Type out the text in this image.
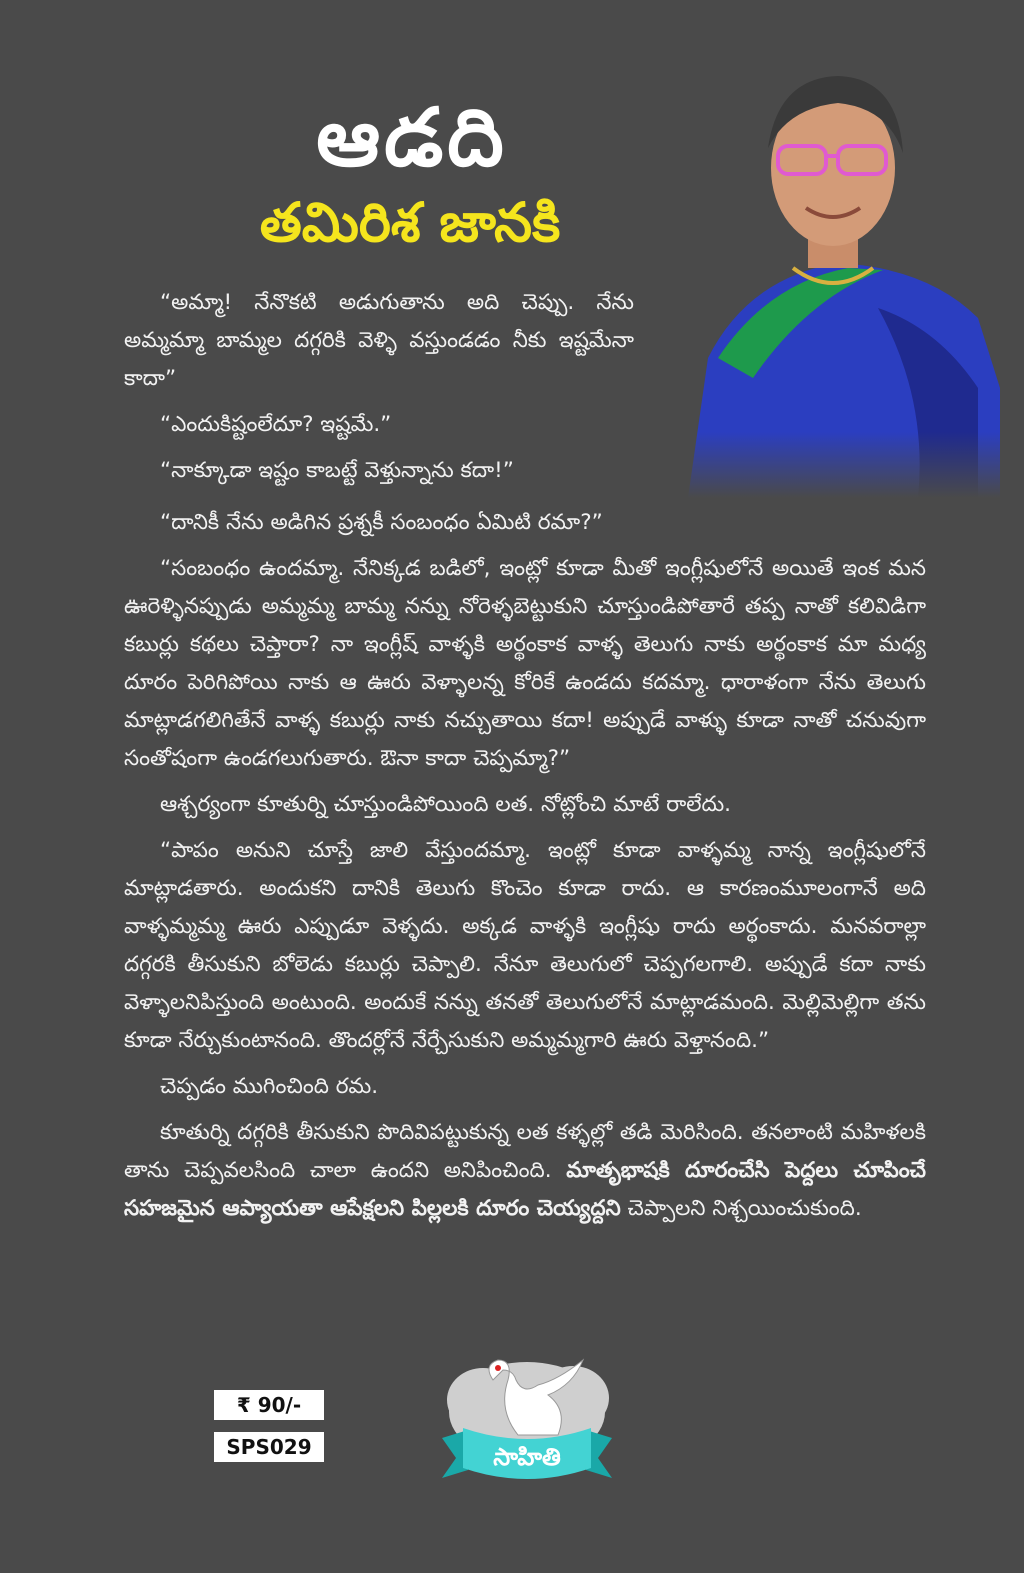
ఆడది
తమిరిశ జానకి

“అమ్మా! నేనొకటి అడుగుతాను అది చెప్పు. నేను అమ్మమ్మా బామ్మల దగ్గరికి వెళ్ళి వస్తుండడం నీకు ఇష్టమేనా కాదా”

“ఎందుకిష్టంలేదూ? ఇష్టమే.”

“నాక్కూడా ఇష్టం కాబట్టే వెళ్తున్నాను కదా!”

“దానికీ నేను అడిగిన ప్రశ్నకీ సంబంధం ఏమిటి రమా?”

“సంబంధం ఉందమ్మా. నేనిక్కడ బడిలో, ఇంట్లో కూడా మీతో ఇంగ్లీషులోనే అయితే ఇంక మన ఊరెళ్ళినప్పుడు అమ్మమ్మ బామ్మ నన్ను నోరెళ్ళబెట్టుకుని చూస్తుండిపోతారే తప్ప నాతో కలివిడిగా కబుర్లు కథలు చెప్తారా? నా ఇంగ్లీష్ వాళ్ళకి అర్థంకాక వాళ్ళ తెలుగు నాకు అర్థంకాక మా మధ్య దూరం పెరిగిపోయి నాకు ఆ ఊరు వెళ్ళాలన్న కోరికే ఉండదు కదమ్మా. ధారాళంగా నేను తెలుగు మాట్లాడగలిగితేనే వాళ్ళ కబుర్లు నాకు నచ్చుతాయి కదా! అప్పుడే వాళ్ళు కూడా నాతో చనువుగా సంతోషంగా ఉండగలుగుతారు. ఔనా కాదా చెప్పమ్మా?”

ఆశ్చర్యంగా కూతుర్ని చూస్తుండిపోయింది లత. నోట్లోంచి మాటే రాలేదు.

“పాపం అనుని చూస్తే జాలి వేస్తుందమ్మా. ఇంట్లో కూడా వాళ్ళమ్మ నాన్న ఇంగ్లీషులోనే మాట్లాడతారు. అందుకని దానికి తెలుగు కొంచెం కూడా రాదు. ఆ కారణంమూలంగానే అది వాళ్ళమ్మమ్మ ఊరు ఎప్పుడూ వెళ్ళదు. అక్కడ వాళ్ళకి ఇంగ్లీషు రాదు అర్థంకాదు. మనవరాల్లా దగ్గరకి తీసుకుని బోలెడు కబుర్లు చెప్పాలి. నేనూ తెలుగులో చెప్పగలగాలి. అప్పుడే కదా నాకు వెళ్ళాలనిపిస్తుంది అంటుంది. అందుకే నన్ను తనతో తెలుగులోనే మాట్లాడమంది. మెల్లిమెల్లిగా తను కూడా నేర్చుకుంటానంది. తొందర్లోనే నేర్చేసుకుని అమ్మమ్మగారి ఊరు వెళ్తానంది.”

చెప్పడం ముగించింది రమ.

కూతుర్ని దగ్గరికి తీసుకుని పొదివిపట్టుకున్న లత కళ్ళల్లో తడి మెరిసింది. తనలాంటి మహిళలకి తాను చెప్పవలసింది చాలా ఉందని అనిపించింది. మాతృభాషకి దూరంచేసి పెద్దలు చూపించే సహజమైన ఆప్యాయతా ఆపేక్షలని పిల్లలకి దూరం చెయ్యద్దని చెప్పాలని నిశ్చయించుకుంది.

₹ 90/-
SPS029	సాహితి
